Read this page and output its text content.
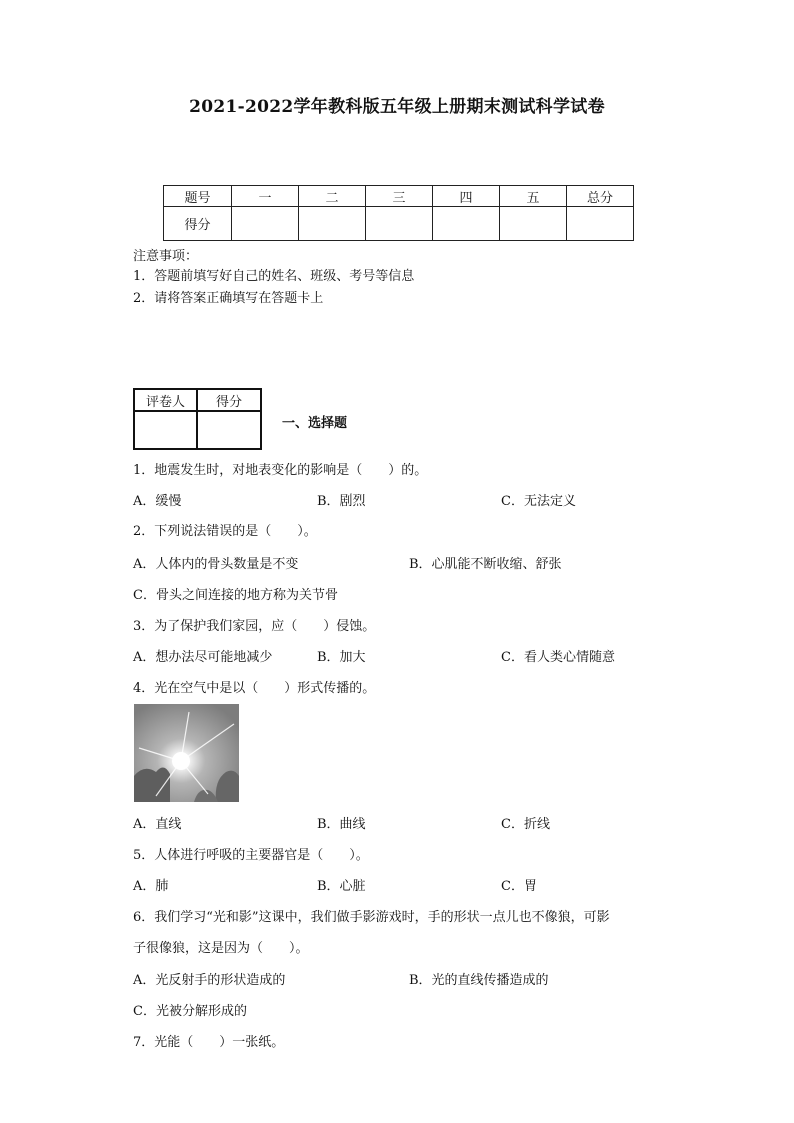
2021-2022学年教科版五年级上册期末测试科学试卷
题号	一	二	三	四	五	总分
得分						
注意事项：
1．答题前填写好自己的姓名、班级、考号等信息
2．请将答案正确填写在答题卡上
评卷人	得分

一、选择题
1．地震发生时，对地表变化的影响是（　　）的。
A．缓慢	B．剧烈	C．无法定义
2．下列说法错误的是（　　）。
A．人体内的骨头数量是不变	B．心肌能不断收缩、舒张
C．骨头之间连接的地方称为关节骨
3．为了保护我们家园，应（　　）侵蚀。
A．想办法尽可能地减少	B．加大	C．看人类心情随意
4．光在空气中是以（　　）形式传播的。
A．直线	B．曲线	C．折线
5．人体进行呼吸的主要器官是（　　）。
A．肺	B．心脏	C．胃
6．我们学习“光和影”这课中，我们做手影游戏时，手的形状一点儿也不像狼，可影
子很像狼，这是因为（　　）。
A．光反射手的形状造成的	B．光的直线传播造成的
C．光被分解形成的
7．光能（　　）一张纸。
